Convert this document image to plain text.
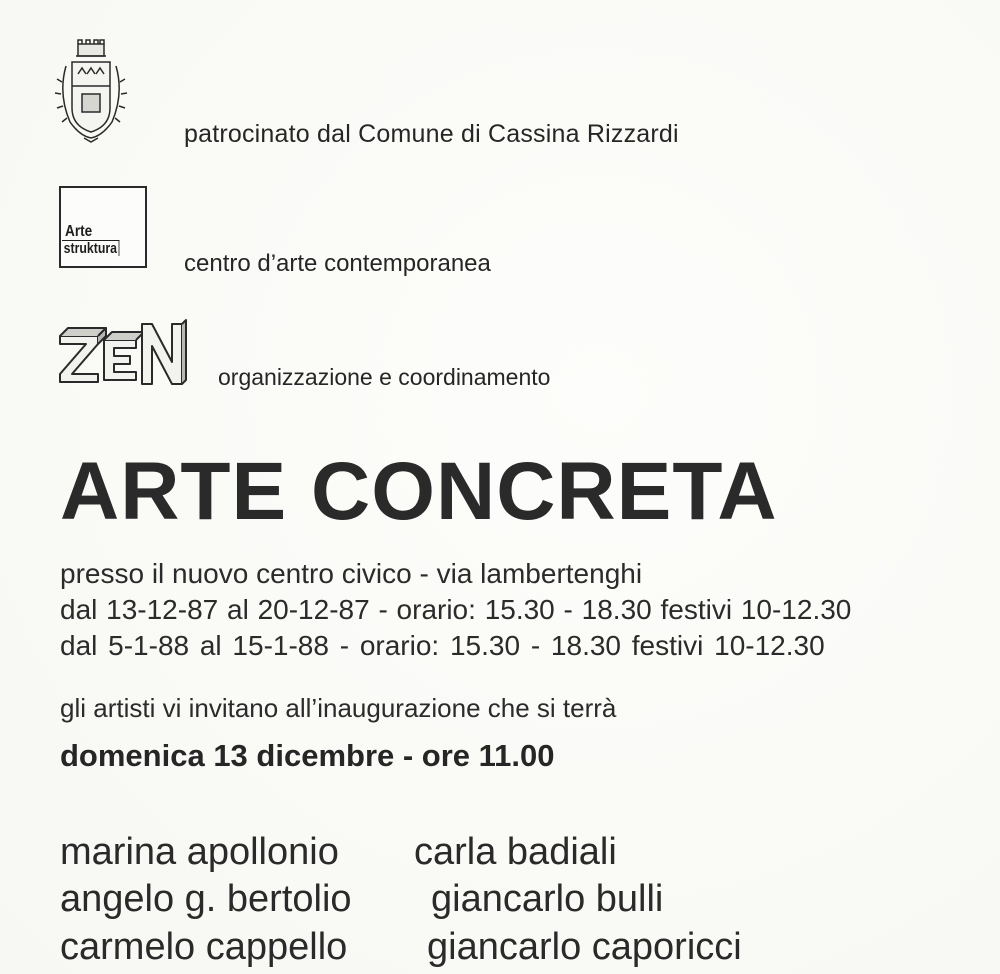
patrocinato dal Comune di Cassina Rizzardi
Arte
struktura
centro d’arte contemporanea
organizzazione e coordinamento
ARTE CONCRETA
presso il nuovo centro civico - via lambertenghi
dal 13-12-87 al 20-12-87 - orario: 15.30 - 18.30 festivi 10-12.30
dal 5-1-88 al 15-1-88 - orario: 15.30 - 18.30 festivi 10-12.30
gli artisti vi invitano all’inaugurazione che si terrà
domenica 13 dicembre - ore 11.00
marina apollonio carla badiali
angelo g. bertolio giancarlo bulli
carmelo cappello giancarlo caporicci
